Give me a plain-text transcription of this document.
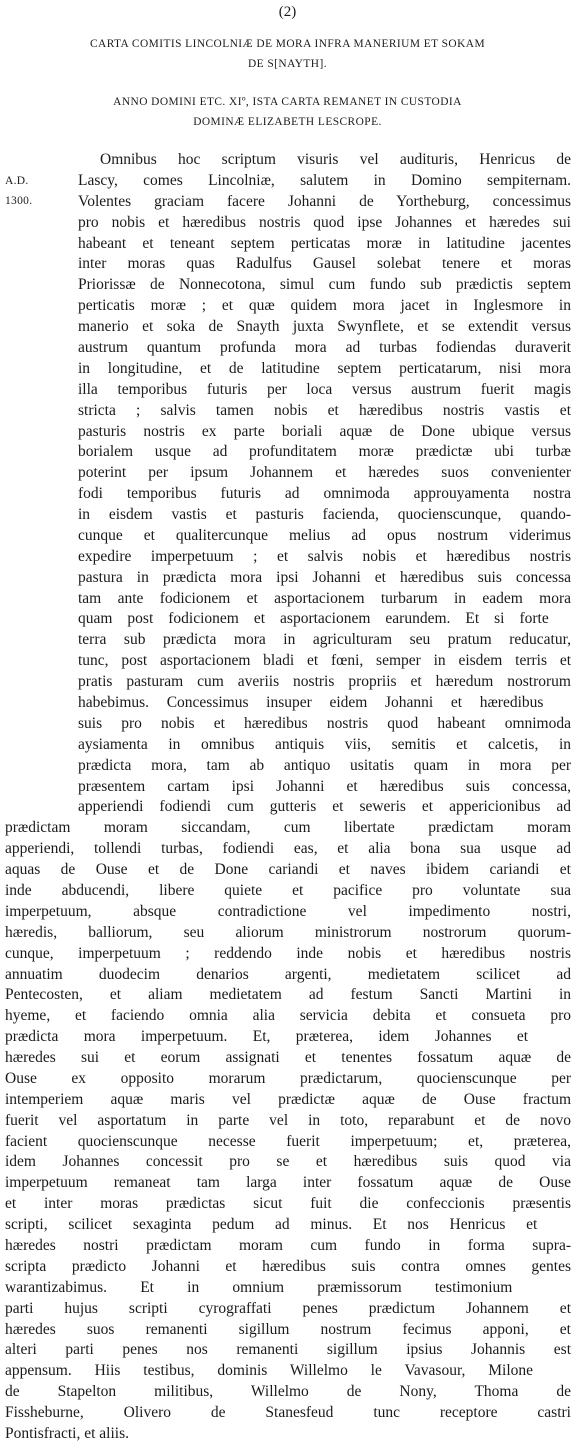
(2)
CARTA COMITIS LINCOLNIÆ DE MORA INFRA MANERIUM ET SOKAM
DE S[NAYTH].
ANNO DOMINI ETC. XIº, ISTA CARTA REMANET IN CUSTODIA
DOMINÆ ELIZABETH LESCROPE.
A.D.
1300.
Omnibus hoc scriptum visuris vel audituris, Henricus de
Lascy, comes Lincolniæ, salutem in Domino sempiternam.
Volentes graciam facere Johanni de Yortheburg, concessimus
pro nobis et hæredibus nostris quod ipse Johannes et hæredes sui
habeant et teneant septem perticatas moræ in latitudine jacentes
inter moras quas Radulfus Gausel solebat tenere et moras
Priorissæ de Nonnecotona, simul cum fundo sub prædictis septem
perticatis moræ ; et quæ quidem mora jacet in Inglesmore in
manerio et soka de Snayth juxta Swynflete, et se extendit versus
austrum quantum profunda mora ad turbas fodiendas duraverit
in longitudine, et de latitudine septem perticatarum, nisi mora
illa temporibus futuris per loca versus austrum fuerit magis
stricta ; salvis tamen nobis et hæredibus nostris vastis et
pasturis nostris ex parte boriali aquæ de Done ubique versus
borialem usque ad profunditatem moræ prædictæ ubi turbæ
poterint per ipsum Johannem et hæredes suos convenienter
fodi temporibus futuris ad omnimoda approuyamenta nostra
in eisdem vastis et pasturis facienda, quocienscunque, quando-
cunque et qualitercunque melius ad opus nostrum viderimus
expedire imperpetuum ; et salvis nobis et hæredibus nostris
pastura in prædicta mora ipsi Johanni et hæredibus suis concessa
tam ante fodicionem et asportacionem turbarum in eadem mora
quam post fodicionem et asportacionem earundem. Et si forte
terra sub prædicta mora in agriculturam seu pratum reducatur,
tunc, post asportacionem bladi et fœni, semper in eisdem terris et
pratis pasturam cum averiis nostris propriis et hæredum nostrorum
habebimus. Concessimus insuper eidem Johanni et hæredibus
suis pro nobis et hæredibus nostris quod habeant omnimoda
aysiamenta in omnibus antiquis viis, semitis et calcetis, in
prædicta mora, tam ab antiquo usitatis quam in mora per
præsentem cartam ipsi Johanni et hæredibus suis concessa,
apperiendi fodiendi cum gutteris et seweris et appericionibus ad
prædictam moram siccandam, cum libertate prædictam moram
apperiendi, tollendi turbas, fodiendi eas, et alia bona sua usque ad
aquas de Ouse et de Done cariandi et naves ibidem cariandi et
inde abducendi, libere quiete et pacifice pro voluntate sua
imperpetuum, absque contradictione vel impedimento nostri,
hæredis, balliorum, seu aliorum ministrorum nostrorum quorum-
cunque, imperpetuum ; reddendo inde nobis et hæredibus nostris
annuatim duodecim denarios argenti, medietatem scilicet ad
Pentecosten, et aliam medietatem ad festum Sancti Martini in
hyeme, et faciendo omnia alia servicia debita et consueta pro
prædicta mora imperpetuum. Et, præterea, idem Johannes et
hæredes sui et eorum assignati et tenentes fossatum aquæ de
Ouse ex opposito morarum prædictarum, quocienscunque per
intemperiem aquæ maris vel prædictæ aquæ de Ouse fractum
fuerit vel asportatum in parte vel in toto, reparabunt et de novo
facient quocienscunque necesse fuerit imperpetuum; et, præterea,
idem Johannes concessit pro se et hæredibus suis quod via
imperpetuum remaneat tam larga inter fossatum aquæ de Ouse
et inter moras prædictas sicut fuit die confeccionis præsentis
scripti, scilicet sexaginta pedum ad minus. Et nos Henricus et
hæredes nostri prædictam moram cum fundo in forma supra-
scripta prædicto Johanni et hæredibus suis contra omnes gentes
warantizabimus. Et in omnium præmissorum testimonium
parti hujus scripti cyrograffati penes prædictum Johannem et
hæredes suos remanenti sigillum nostrum fecimus apponi, et
alteri parti penes nos remanenti sigillum ipsius Johannis est
appensum. Hiis testibus, dominis Willelmo le Vavasour, Milone
de Stapelton militibus, Willelmo de Nony, Thoma de
Fissheburne, Olivero de Stanesfeud tunc receptore castri
Pontisfracti, et aliis.
